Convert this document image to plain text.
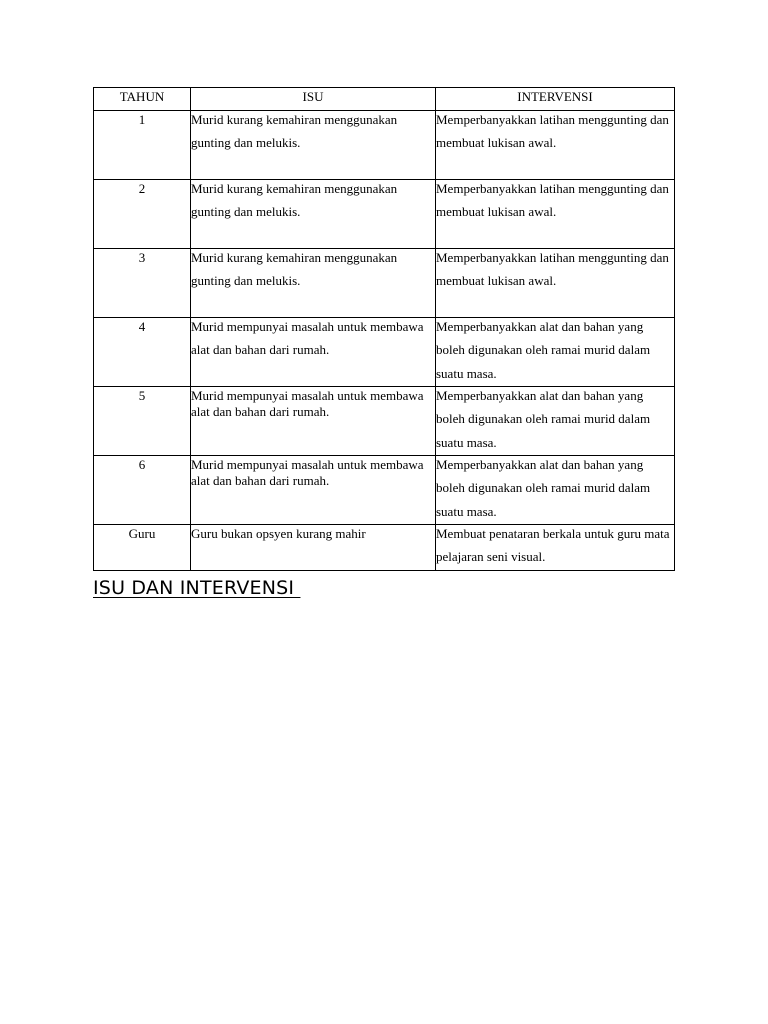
TAHUN	ISU	INTERVENSI
1	Murid kurang kemahiran menggunakan gunting dan melukis.	Memperbanyakkan latihan menggunting dan membuat lukisan awal.

2	Murid kurang kemahiran menggunakan gunting dan melukis.	Memperbanyakkan latihan menggunting dan membuat lukisan awal.

3	Murid kurang kemahiran menggunakan gunting dan melukis.	Memperbanyakkan latihan menggunting dan membuat lukisan awal.

4	Murid mempunyai masalah untuk membawa alat dan bahan dari rumah.	Memperbanyakkan alat dan bahan yang boleh digunakan oleh ramai murid dalam suatu masa.

5	Murid mempunyai masalah untuk membawa alat dan bahan dari rumah.	Memperbanyakkan alat dan bahan yang boleh digunakan oleh ramai murid dalam suatu masa.

6	Murid mempunyai masalah untuk membawa alat dan bahan dari rumah.	Memperbanyakkan alat dan bahan yang boleh digunakan oleh ramai murid dalam suatu masa.

Guru	Guru bukan opsyen kurang mahir	Membuat penataran berkala untuk guru mata pelajaran seni visual.
ISU DAN INTERVENSI
